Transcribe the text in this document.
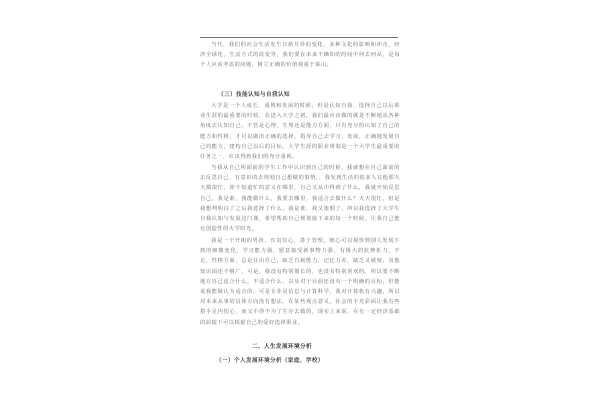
当代，我们的社会生活发生日新月异的变化，多种文化的影响和冲击，经济全球化，生活方式的改变等，我们要在未来不确知的时间中何去何从，是每个人应该考虑的问题，树立正确的价值观重于泰山。

（三）技能认知与自我认知

大学是一个人成长、成熟和发展的时候，但是认知自我、选择自己以后职业生涯的最重要的时候，在进入大学之初，我们最应该做的就是不断地从各种角度去认知自己，不管是心理、生理还是能力方面，只有充分的认知了自己的能力和性格，才可以做出正确的选择，指导自己去学习，发展，正确地发展自己的能力，建构自己以后的目标，大学生涯的职业规划是一个大学生最重要的任务之一，应该得到我们的充分重视。

当我从自己所面前的学生工作中认识到自己的时候，我就想在自己面前的去反思自己，有意识的去规划自己想做的事情，，我发现生活的很多人在他那天天都很忙，却不知道忙的意义在哪里，自己又从中得到了什么，我就开始反思自己，我是谁，我能做什么，我要去哪里，我适合去做什么？天天很忙，但是我想判明白了之后我选择了什么，我是谁，我又迷惘了，所以我选择了大学生自我认知与发展这门课，希望帮助自己规划接下来的每一个时候，让我自己能有创造性的大学时光。

我是一个开朗的男孩，有责任心，善于管理，细心可以观察到别人发现不到的细微变化，学习能力强，愿意接受新事物力强，有极大的抗挫折力，不足，性格方面，总是任由自己，缺乏自制能力，记忆力差，缺乏灵敏度，其他知识面还不够广，可是，我没有特别擅长的，也没有特别喜欢的，所以要不断地在自己适合什么，不适合什么，以及对于目前还没有一个明确的目标，但能说我能做认为适合的，可是专业是信息与计算科学，我对计算机有兴趣，所以对未来从事的具体方向没有想法，在某些观点意义，社会的不光彩面让我有些措手足内伤心，而又不得不为了生存去做的，现实上来说，在有一定经济基础的前提下可以根据自己的爱好选择职业。

二、人生发展环境分析
（一）个人发展环境分析（家庭、学校）
